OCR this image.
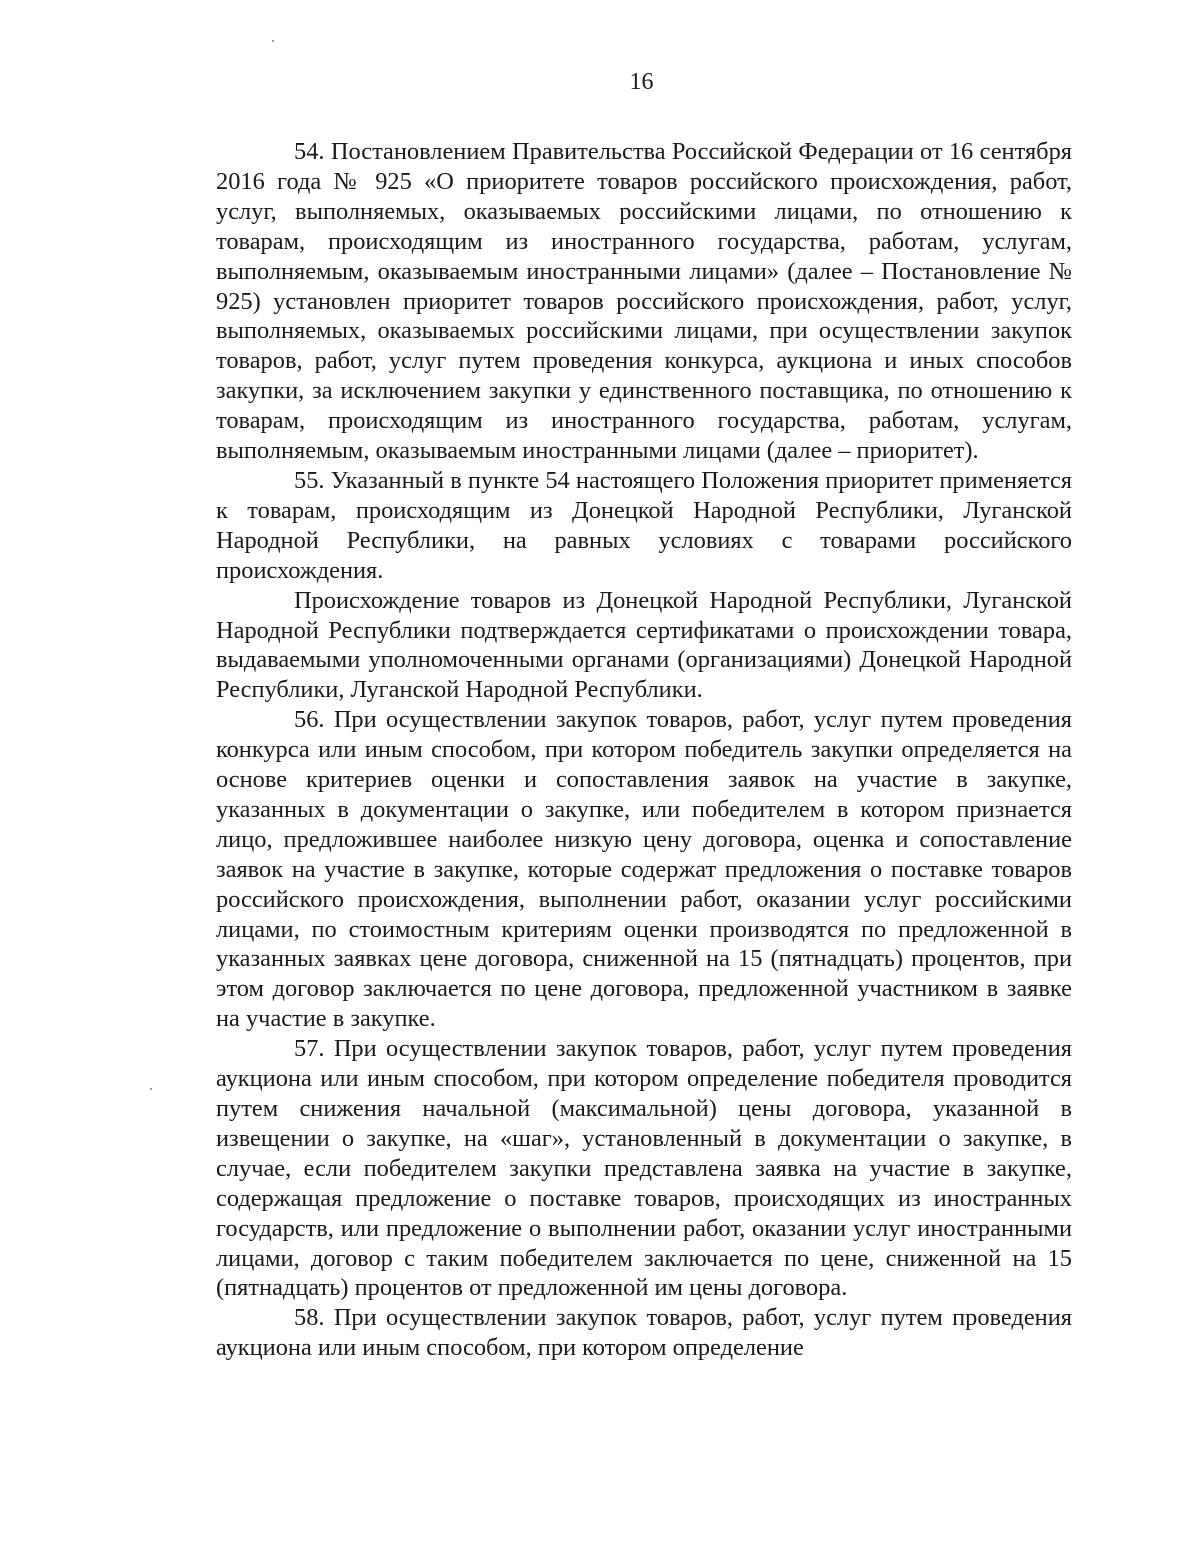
16

54. Постановлением Правительства Российской Федерации от 16 сентября 2016 года № 925 «О приоритете товаров российского происхождения, работ, услуг, выполняемых, оказываемых российскими лицами, по отношению к товарам, происходящим из иностранного государства, работам, услугам, выполняемым, оказываемым иностранными лицами» (далее – Постановление № 925) установлен приоритет товаров российского происхождения, работ, услуг, выполняемых, оказываемых российскими лицами, при осуществлении закупок товаров, работ, услуг путем проведения конкурса, аукциона и иных способов закупки, за исключением закупки у единственного поставщика, по отношению к товарам, происходящим из иностранного государства, работам, услугам, выполняемым, оказываемым иностранными лицами (далее – приоритет).

55. Указанный в пункте 54 настоящего Положения приоритет применяется к товарам, происходящим из Донецкой Народной Республики, Луганской Народной Республики, на равных условиях с товарами российского происхождения.

Происхождение товаров из Донецкой Народной Республики, Луганской Народной Республики подтверждается сертификатами о происхождении товара, выдаваемыми уполномоченными органами (организациями) Донецкой Народной Республики, Луганской Народной Республики.

56. При осуществлении закупок товаров, работ, услуг путем проведения конкурса или иным способом, при котором победитель закупки определяется на основе критериев оценки и сопоставления заявок на участие в закупке, указанных в документации о закупке, или победителем в котором признается лицо, предложившее наиболее низкую цену договора, оценка и сопоставление заявок на участие в закупке, которые содержат предложения о поставке товаров российского происхождения, выполнении работ, оказании услуг российскими лицами, по стоимостным критериям оценки производятся по предложенной в указанных заявках цене договора, сниженной на 15 (пятнадцать) процентов, при этом договор заключается по цене договора, предложенной участником в заявке на участие в закупке.

57. При осуществлении закупок товаров, работ, услуг путем проведения аукциона или иным способом, при котором определение победителя проводится путем снижения начальной (максимальной) цены договора, указанной в извещении о закупке, на «шаг», установленный в документации о закупке, в случае, если победителем закупки представлена заявка на участие в закупке, содержащая предложение о поставке товаров, происходящих из иностранных государств, или предложение о выполнении работ, оказании услуг иностранными лицами, договор с таким победителем заключается по цене, сниженной на 15 (пятнадцать) процентов от предложенной им цены договора.

58. При осуществлении закупок товаров, работ, услуг путем проведения аукциона или иным способом, при котором определение
